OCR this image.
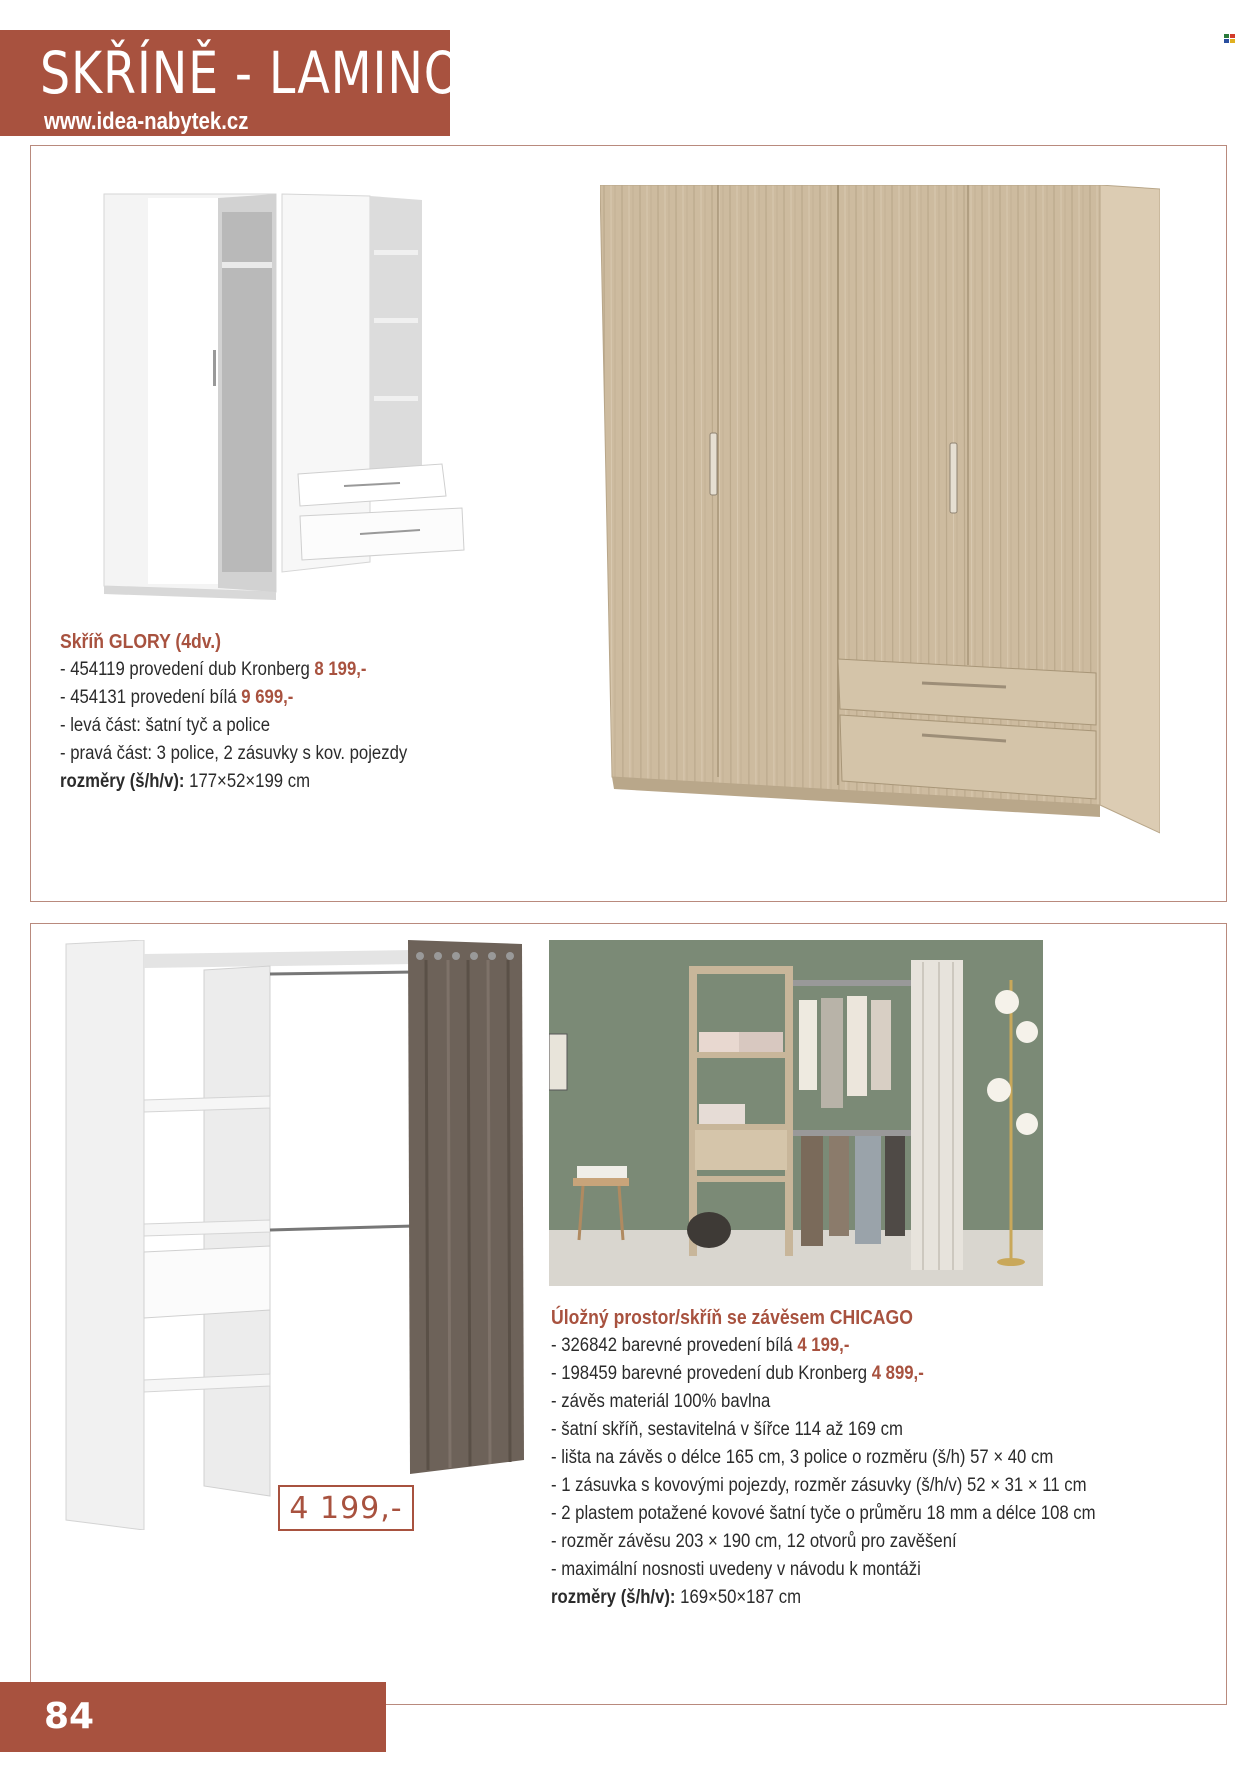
SKŘÍNĚ - LAMINO
www.idea-nabytek.cz
Skříň GLORY (4dv.)
- 454119 provedení dub Kronberg 8 199,-
- 454131 provedení bílá 9 699,-
- levá část: šatní tyč a police
- pravá část: 3 police, 2 zásuvky s kov. pojezdy
rozměry (š/h/v): 177×52×199 cm
4 199,-
Úložný prostor/skříň se závěsem CHICAGO
- 326842 barevné provedení bílá 4 199,-
- 198459 barevné provedení dub Kronberg 4 899,-
- závěs materiál 100% bavlna
- šatní skříň, sestavitelná v šířce 114 až 169 cm
- lišta na závěs o délce 165 cm, 3 police o rozměru (š/h) 57 × 40 cm
- 1 zásuvka s kovovými pojezdy, rozměr zásuvky (š/h/v) 52 × 31 × 11 cm
- 2 plastem potažené kovové šatní tyče o průměru 18 mm a délce 108 cm
- rozměr závěsu 203 × 190 cm, 12 otvorů pro zavěšení
- maximální nosnosti uvedeny v návodu k montáži
rozměry (š/h/v): 169×50×187 cm
84
